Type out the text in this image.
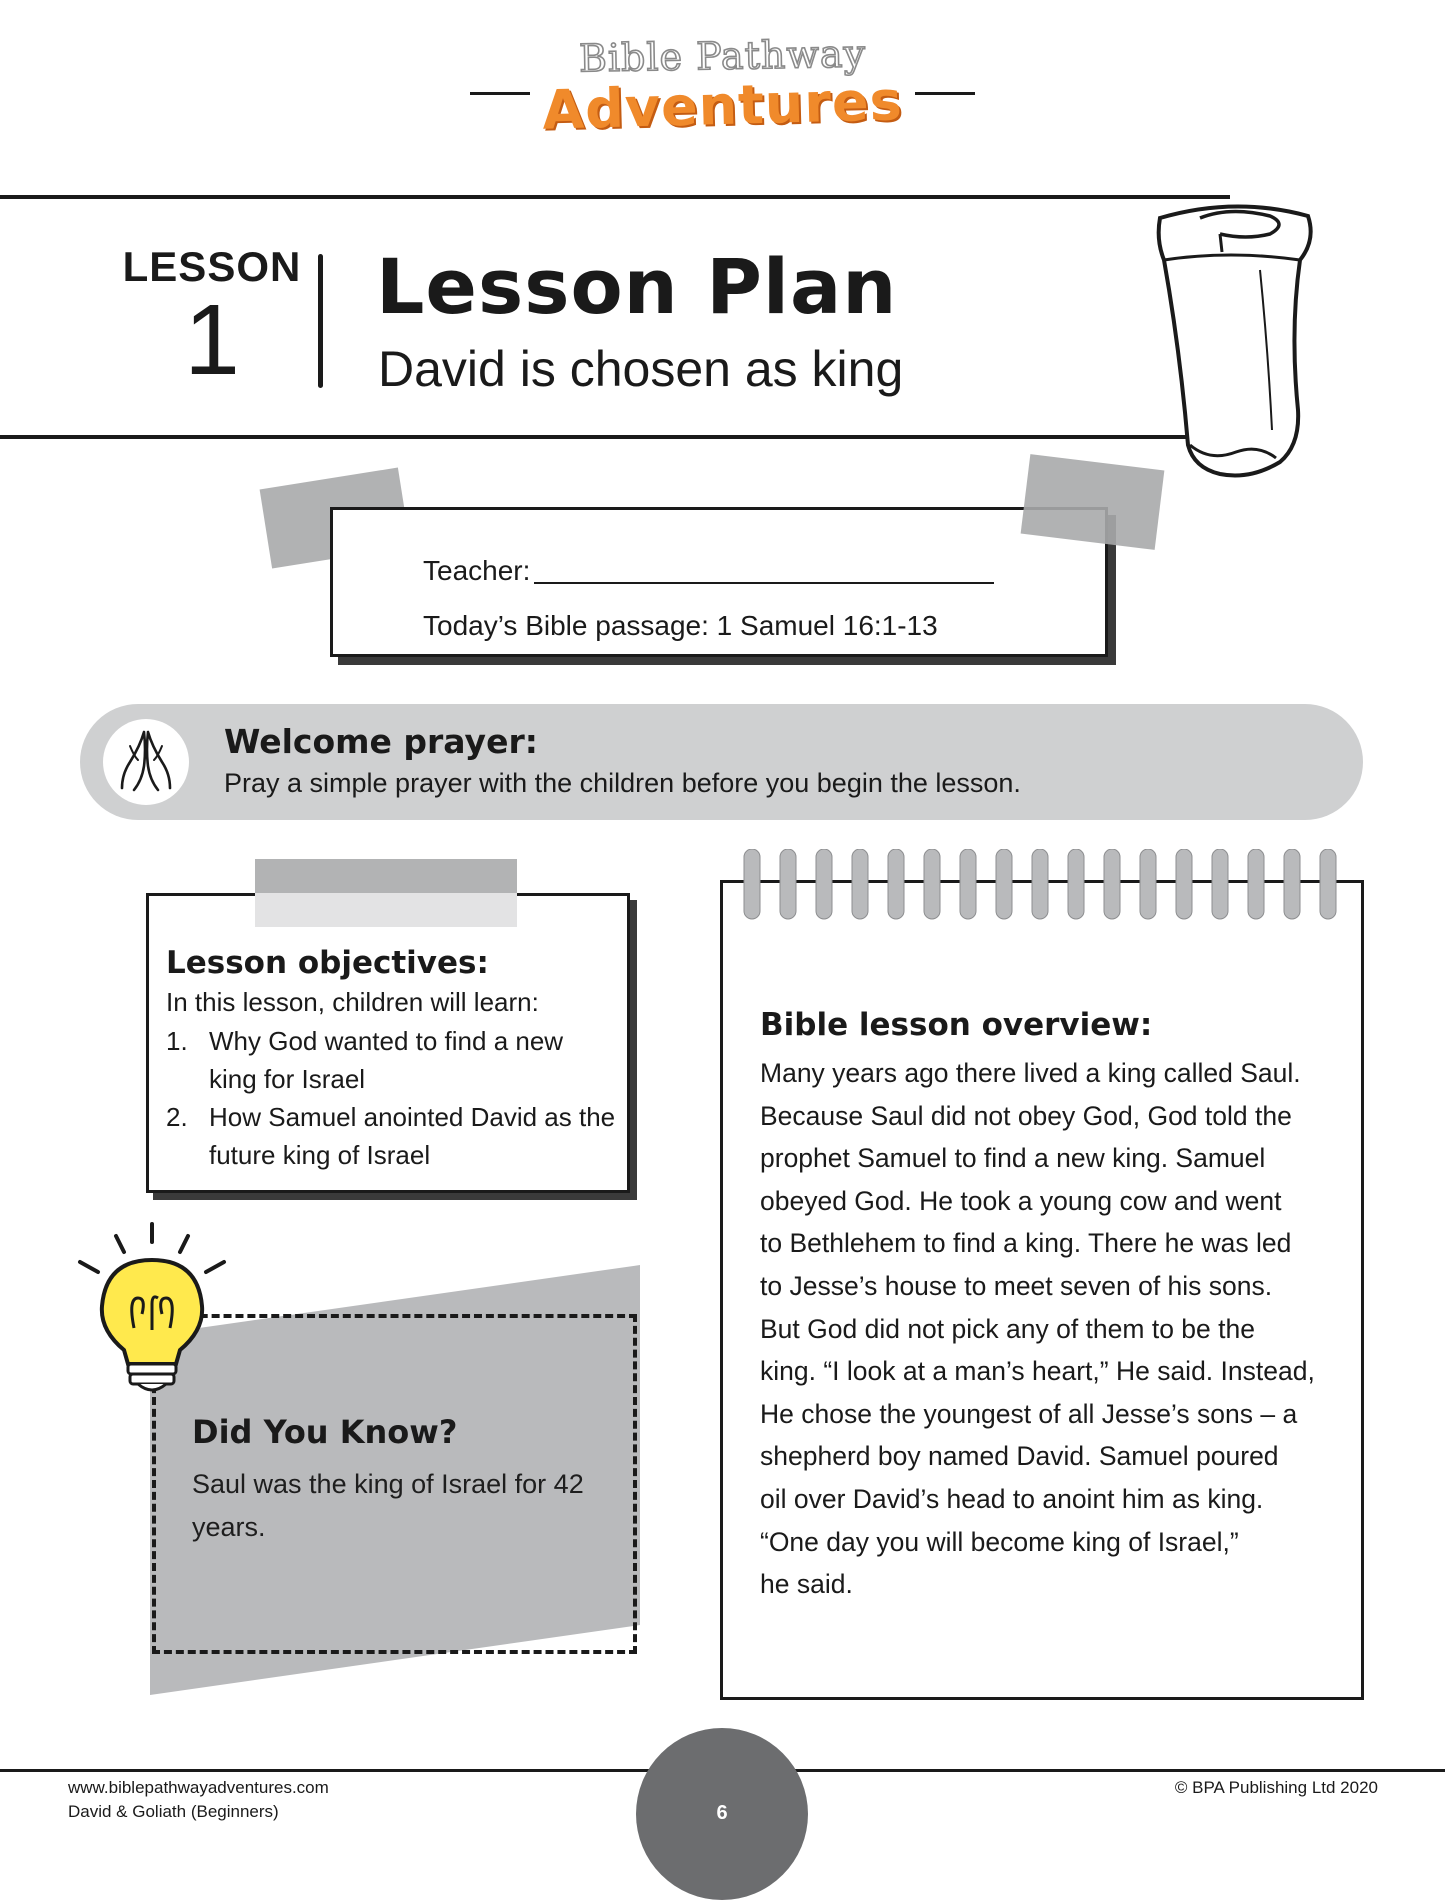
Bible Pathway
Adventures
LESSON
1	Lesson Plan
David is chosen as king
Teacher:
Today’s Bible passage: 1 Samuel 16:1-13
Welcome prayer:
Pray a simple prayer with the children before you begin the lesson.
Lesson objectives:
In this lesson, children will learn:
1. Why God wanted to find a new king for Israel
2. How Samuel anointed David as the future king of Israel
Did You Know?
Saul was the king of Israel for 42 years.
Bible lesson overview:
Many years ago there lived a king called Saul.
Because Saul did not obey God, God told the
prophet Samuel to find a new king. Samuel
obeyed God. He took a young cow and went
to Bethlehem to find a king. There he was led
to Jesse’s house to meet seven of his sons.
But God did not pick any of them to be the
king. “I look at a man’s heart,” He said. Instead,
He chose the youngest of all Jesse’s sons – a
shepherd boy named David. Samuel poured
oil over David’s head to anoint him as king.
“One day you will become king of Israel,”
he said.
www.biblepathwayadventures.com
David & Goliath (Beginners)
© BPA Publishing Ltd 2020
6
